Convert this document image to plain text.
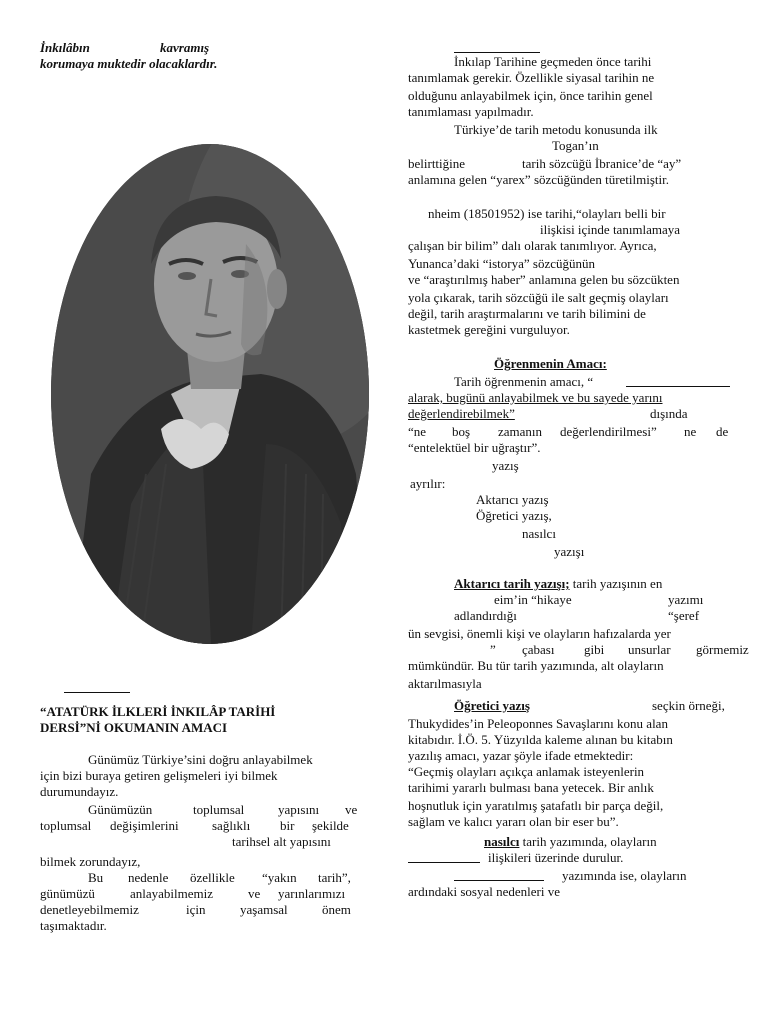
İnkılâbın	kavramış
korumaya muktedir olacaklardır.
“ATATÜRK İLKLERİ İNKILÂP TARİHİ
DERSİ”Nİ OKUMANIN AMACI
Günümüz Türkiye’sini doğru anlayabilmek
için bizi buraya getiren gelişmeleri iyi bilmek
durumundayız.
Günümüzün	toplumsal	yapısını ve
toplumsal değişimlerini	sağlıklı bir şekilde
tarihsel alt yapısını
bilmek zorundayız,
Bu nedenle özellikle “yakın tarih”,
günümüzü	anlayabilmemiz	ve yarınlarımızı
denetleyebilmemiz	için	yaşamsal	önem
taşımaktadır.
İnkılap Tarihine geçmeden önce tarihi
tanımlamak gerekir. Özellikle siyasal tarihin ne
olduğunu anlayabilmek için, önce tarihin genel
tanımlaması yapılmadır.
Türkiye’de tarih metodu konusunda ilk
Togan’ın
belirttiğine	tarih sözcüğü İbranice’de “ay”
anlamına gelen “yarex” sözcüğünden türetilmiştir.
nheim (18501952) ise tarihi,“olayları belli bir
ilişkisi içinde tanımlamaya
çalışan bir bilim” dalı olarak tanımlıyor. Ayrıca,
Yunanca’daki “istorya” sözcüğünün
ve “araştırılmış haber” anlamına gelen bu sözcükten
yola çıkarak, tarih sözcüğü ile salt geçmiş olayları
değil, tarih araştırmalarını ve tarih bilimini de
kastetmek gereğini vurguluyor.
Öğrenmenin Amacı:
Tarih öğrenmenin amacı, “
alarak, bugünü anlayabilmek ve bu sayede yarını
değerlendirebilmek”	dışında
“ne boş zamanın değerlendirilmesi” ne de
“entelektüel bir uğraştır”.
yazış
ayrılır:
Aktarıcı yazış
Öğretici yazış,
nasılcı
yazışı
Aktarıcı tarih yazışı; tarih yazışının en
eim’in “hikaye	yazımı
adlandırdığı	“şeref
ün sevgisi, önemli kişi ve olayların hafızalarda yer
” çabası gibi unsurlar görmemiz
mümkündür. Bu tür tarih yazımında, alt olayların
aktarılmasıyla
Öğretici yazış	seçkin örneği,
Thukydides’in Peleoponnes Savaşlarını konu alan
kitabıdır. İ.Ö. 5. Yüzyılda kaleme alınan bu kitabın
yazılış amacı, yazar şöyle ifade etmektedir:
“Geçmiş olayları açıkça anlamak isteyenlerin
tarihimi yararlı bulması bana yetecek. Bir anlık
hoşnutluk için yaratılmış şatafatlı bir parça değil,
sağlam ve kalıcı yararı olan bir eser bu”.
nasılcı tarih yazımında, olayların
ilişkileri üzerinde durulur.
yazımında ise, olayların
ardındaki sosyal nedenleri ve
